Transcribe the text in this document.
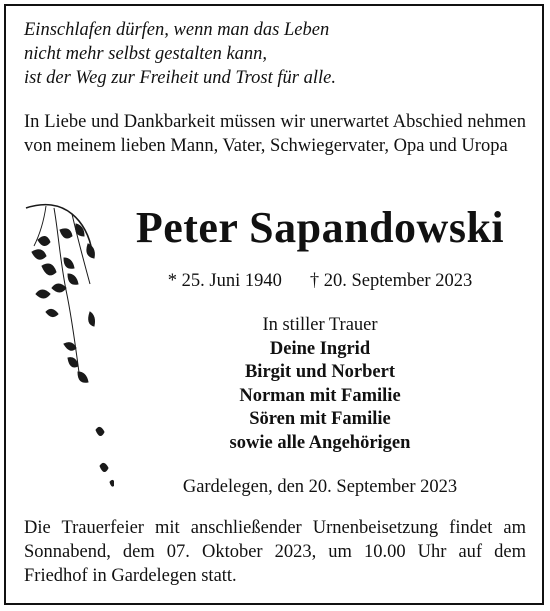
Einschlafen dürfen, wenn man das Leben
nicht mehr selbst gestalten kann,
ist der Weg zur Freiheit und Trost für alle.
In Liebe und Dankbarkeit müssen wir unerwartet Abschied nehmen von meinem lieben Mann, Vater, Schwiegervater, Opa und Uropa
Peter Sapandowski
* 25. Juni 1940 † 20. September 2023
In stiller Trauer
Deine Ingrid
Birgit und Norbert
Norman mit Familie
Sören mit Familie
sowie alle Angehörigen
Gardelegen, den 20. September 2023
Die Trauerfeier mit anschließender Urnenbeisetzung findet am Sonnabend, dem 07. Oktober 2023, um 10.00 Uhr auf dem Friedhof in Gardelegen statt.
